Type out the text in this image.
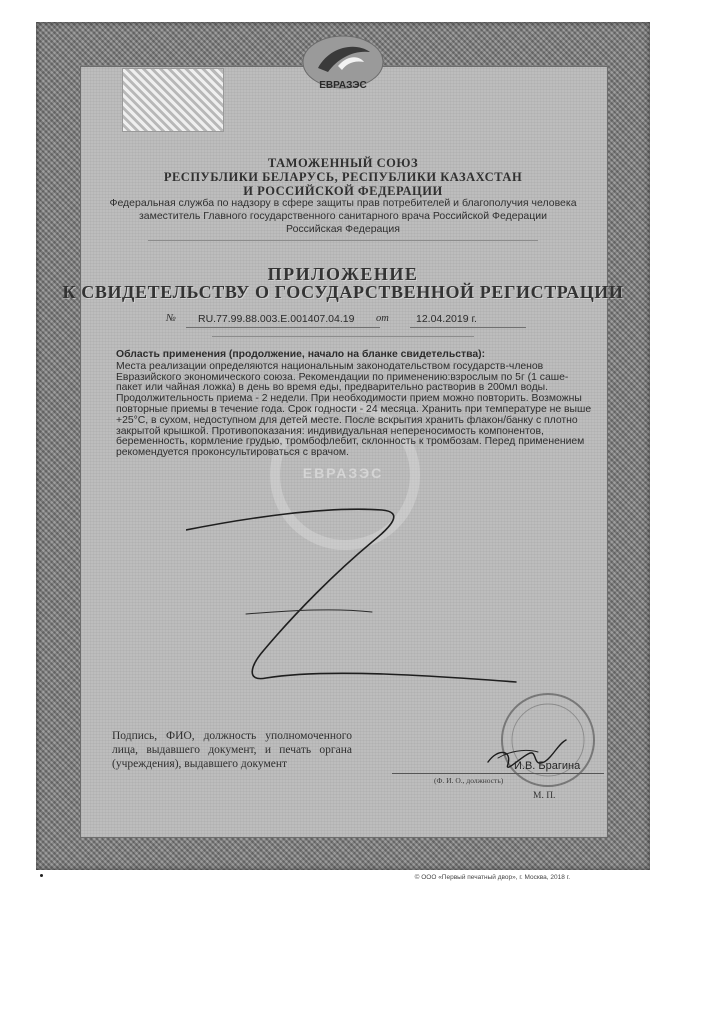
ЕВРАЗЭС
ТАМОЖЕННЫЙ СОЮЗ
РЕСПУБЛИКИ БЕЛАРУСЬ, РЕСПУБЛИКИ КАЗАХСТАН
И РОССИЙСКОЙ ФЕДЕРАЦИИ
Федеральная служба по надзору в сфере защиты прав потребителей и благополучия человека
заместитель Главного государственного санитарного врача Российской Федерации
Российская Федерация
ПРИЛОЖЕНИЕ
К СВИДЕТЕЛЬСТВУ О ГОСУДАРСТВЕННОЙ РЕГИСТРАЦИИ
№ RU.77.99.88.003.Е.001407.04.19 от	12.04.2019 г.
ЕВРАЗЭС
Область применения (продолжение, начало на бланке свидетельства):
Места реализации определяются национальным законодательством государств-членов Евразийского экономического союза. Рекомендации по применению:взрослым по 5г (1 саше-пакет или чайная ложка) в день во время еды, предварительно растворив в 200мл воды. Продолжительность приема - 2 недели. При необходимости прием можно повторить. Возможны повторные приемы в течение года. Срок годности - 24 месяца. Хранить при температуре не выше +25°С, в сухом, недоступном для детей месте. После вскрытия хранить флакон/банку с плотно закрытой крышкой. Противопоказания: индивидуальная непереносимость компонентов, беременность, кормление грудью, тромбофлебит, склонность к тромбозам. Перед применением рекомендуется проконсультироваться с врачом.
Подпись, ФИО, должность уполномоченного лица, выдавшего документ, и печать органа (учреждения), выдавшего документ	И.В. Брагина
(Ф. И. О., должность)
М. П.
© ООО «Первый печатный двор», г. Москва, 2018 г.
